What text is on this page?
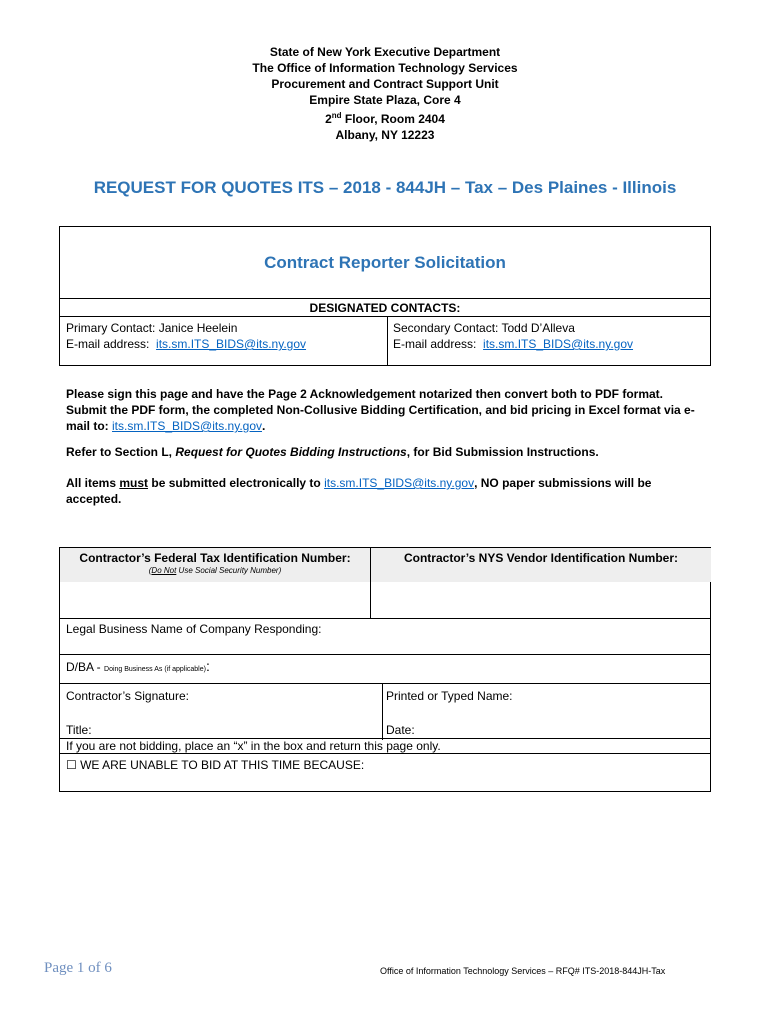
State of New York Executive Department
The Office of Information Technology Services
Procurement and Contract Support Unit
Empire State Plaza, Core 4
2nd Floor, Room 2404
Albany, NY 12223
REQUEST FOR QUOTES ITS – 2018 - 844JH – Tax – Des Plaines - Illinois
Contract Reporter Solicitation
DESIGNATED CONTACTS:
Primary Contact: Janice Heelein
E-mail address:  its.sm.ITS_BIDS@its.ny.gov
Secondary Contact: Todd D’Alleva
E-mail address:  its.sm.ITS_BIDS@its.ny.gov
Please sign this page and have the Page 2 Acknowledgement notarized then convert both to PDF format. Submit the PDF form, the completed Non-Collusive Bidding Certification, and bid pricing in Excel format via e-mail to: its.sm.ITS_BIDS@its.ny.gov.
Refer to Section L, Request for Quotes Bidding Instructions, for Bid Submission Instructions.
All items must be submitted electronically to its.sm.ITS_BIDS@its.ny.gov, NO paper submissions will be accepted.
Contractor’s Federal Tax Identification Number:
(Do Not Use Social Security Number)
Contractor’s NYS Vendor Identification Number:
Legal Business Name of Company Responding:
D/BA - Doing Business As (if applicable):
Contractor’s Signature:	Printed or Typed Name:
Title:	Date:
If you are not bidding, place an “x” in the box and return this page only.
☐ WE ARE UNABLE TO BID AT THIS TIME BECAUSE:
Page 1 of 6	Office of Information Technology Services – RFQ# ITS-2018-844JH-Tax
